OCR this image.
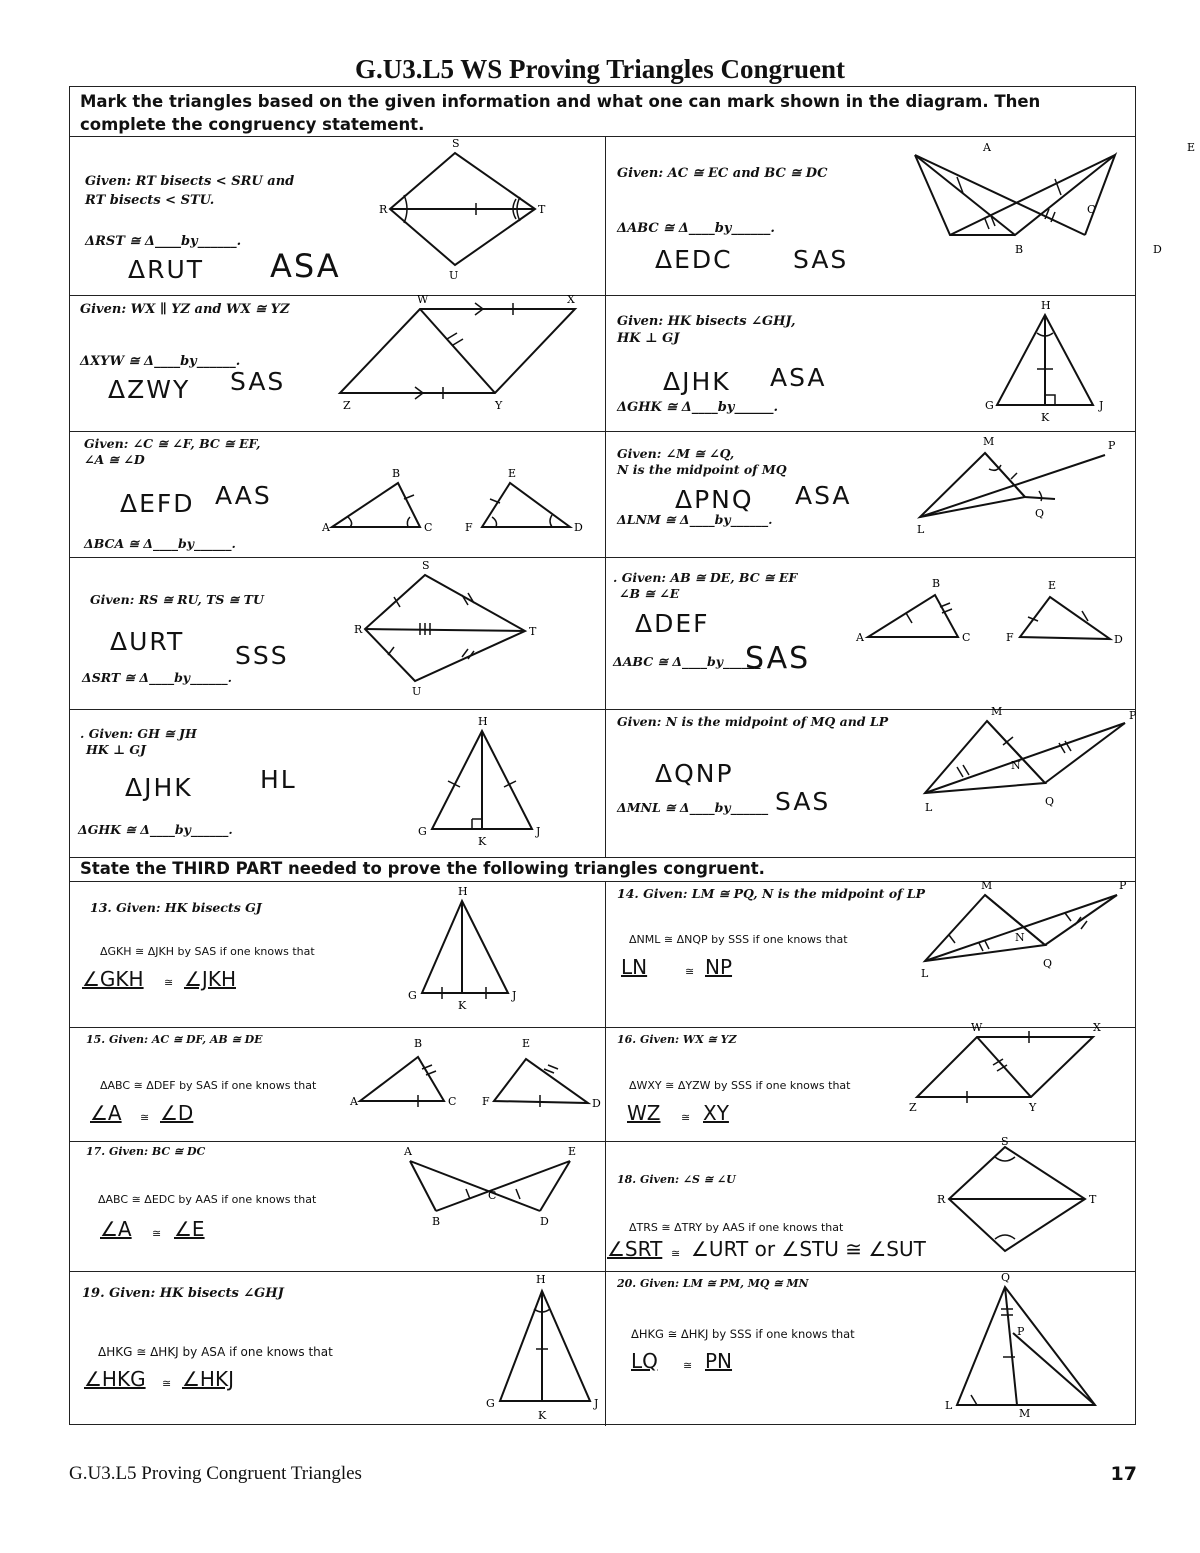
G.U3.L5 WS Proving Triangles Congruent
Mark the triangles based on the given information and what one can mark shown in the diagram. Then complete the congruency statement.
State the THIRD PART needed to prove the following triangles congruent.
Given: RT bisects < SRU and
RT bisects < STU.
ΔRST ≅ Δ____by______.
ΔRUT ASA
S
R	T
U
Given: AC ≅ EC and BC ≅ DC
ΔABC ≅ Δ____by______.
ΔEDC SAS
A	E
C
B	D
Given: WX ∥ YZ and WX ≅ YZ
ΔXYW ≅ Δ____by______.
ΔZWY SAS
W	X
Z	Y
Given: HK bisects ∠GHJ,
HK ⊥ GJ
ΔGHK ≅ Δ____by______.
ΔJHK ASA
H
G
K
J
Given: ∠C ≅ ∠F, BC ≅ EF,
∠A ≅ ∠D
ΔBCA ≅ Δ____by______.
ΔEFD AAS
B	E
A	C	F	D
Given: ∠M ≅ ∠Q,
N is the midpoint of MQ
ΔLNM ≅ Δ____by______.
ΔPNQ ASA
M	P
L
Q
Given: RS ≅ RU, TS ≅ TU
ΔSRT ≅ Δ____by______.
ΔURT SSS
S
R	T
U
. Given: AB ≅ DE, BC ≅ EF
∠B ≅ ∠E
ΔABC ≅ Δ____by______
ΔDEF
SAS
B	E
A	C	F	D
. Given: GH ≅ JH
HK ⊥ GJ
ΔGHK ≅ Δ____by______.
ΔJHK	HL
H
G
K
J
Given: N is the midpoint of MQ and LP
ΔMNL ≅ Δ____by______
ΔQNP
SAS
M	P
N
L	Q
13. Given: HK bisects GJ
ΔGKH ≅ ΔJKH by SAS if one knows that
∠GKH ≅ ∠JKH
H
G
K
J
14. Given: LM ≅ PQ, N is the midpoint of LP
ΔNML ≅ ΔNQP by SSS if one knows that
LN	≅ NP
M	P
N
L
Q
15. Given: AC ≅ DF, AB ≅ DE
ΔABC ≅ ΔDEF by SAS if one knows that
∠A ≅ ∠D
B	E
A	C F	D
16. Given: WX ≅ YZ
ΔWXY ≅ ΔYZW by SSS if one knows that
WZ ≅ XY
W	X
Z	Y
17. Given: BC ≅ DC
ΔABC ≅ ΔEDC by AAS if one knows that
∠A ≅ ∠E
A	E
C
B	D
18. Given: ∠S ≅ ∠U
ΔTRS ≅ ΔTRY by AAS if one knows that
∠SRT ≅ ∠URT or ∠STU ≅ ∠SUT
S
R	T
19. Given: HK bisects ∠GHJ
ΔHKG ≅ ΔHKJ by ASA if one knows that
∠HKG ≅ ∠HKJ
H
G
K
J
20. Given: LM ≅ PM, MQ ≅ MN
ΔHKG ≅ ΔHKJ by SSS if one knows that
LQ ≅ PN
Q
P
L
M
G.U3.L5 Proving Congruent Triangles	17
